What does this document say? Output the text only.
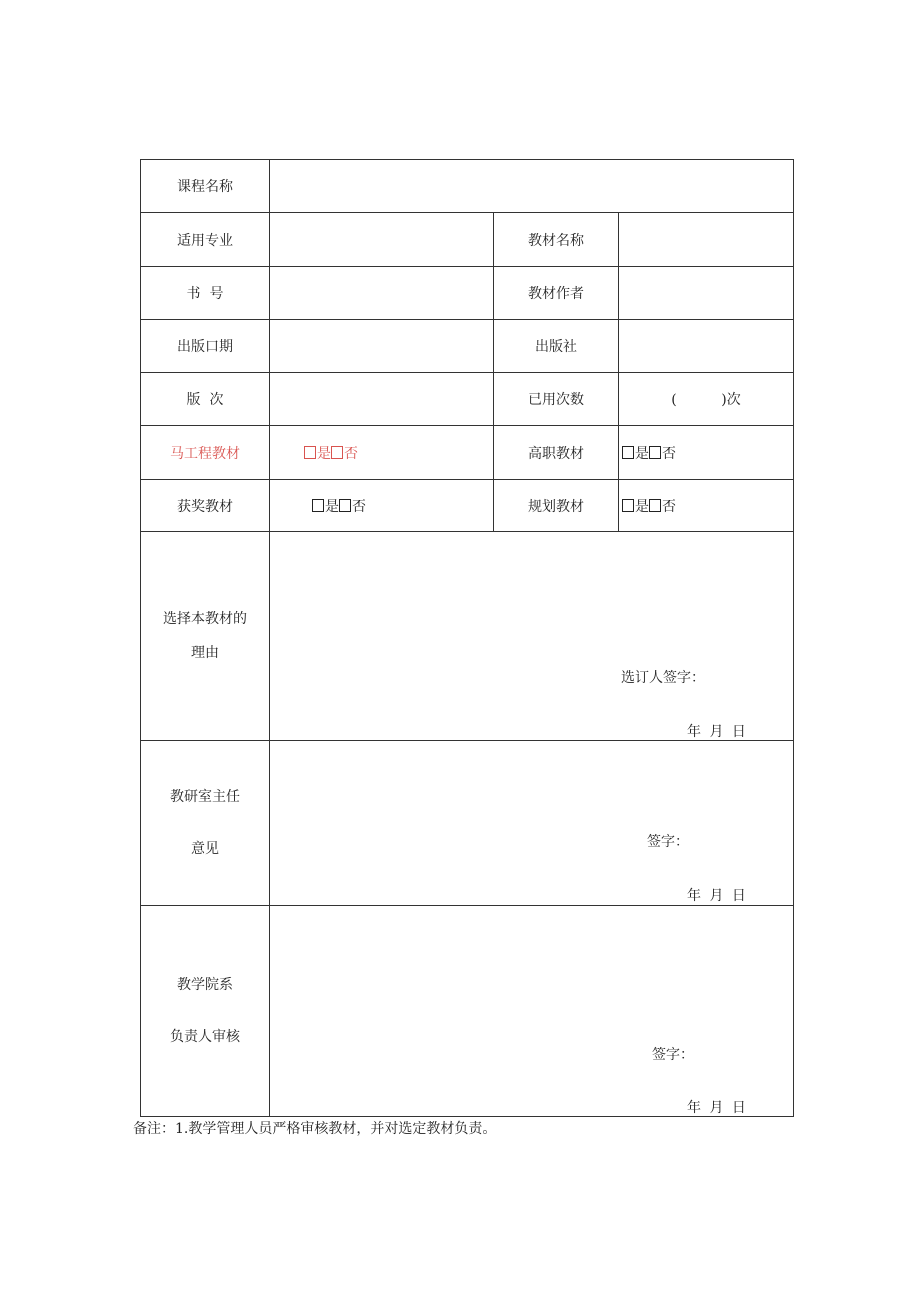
课程名称			
适用专业		教材名称	
书  号		教材作者	
出版口期		出版社	
版  次		已用次数	(          )次
马工程教材	是 否	高职教材	是 否
获奖教材	是 否	规划教材	是 否

选择本教材的
理由	选订人签字：
年 月 日		

教研室主任
意见	签字：
年 月 日		

教学院系
负责人审核	签字：
年 月 日		
备注：1.教学管理人员严格审核教材，并对选定教材负责。
